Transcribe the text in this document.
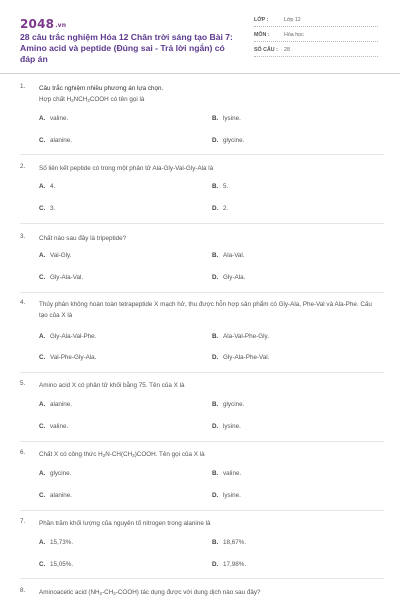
2048.vn
28 câu trắc nghiệm Hóa 12 Chân trời sáng tạo Bài 7: Amino acid và peptide (Đúng sai - Trả lời ngắn) có đáp án
LỚP :	Lớp 12
MÔN :	Hóa học
SỐ CÂU : 28
1. Câu trắc nghiệm nhiều phương án lựa chọn.
Hợp chất $H_2NCH_2COOH$ có tên gọi là
A. valine.	B. lysine.
C. alanine.	D. glycine.
2. Số liên kết peptide có trong một phân tử Ala-Gly-Val-Gly-Ala là
A. 4.	B. 5.
C. 3.	D. 2.
3. Chất nào sau đây là tripeptide?
A. Val-Gly.	B. Ala-Val.
C. Gly-Ala-Val.	D. Gly-Ala.
4. Thủy phân không hoàn toàn tetrapeptide X mạch hở, thu được hỗn hợp sản phẩm có Gly-Ala, Phe-Val và Ala-Phe. Cấu tạo của X là
A. Gly-Ala-Val-Phe.	B. Ala-Val-Phe-Gly.
C. Val-Phe-Gly-Ala.	D. Gly-Ala-Phe-Val.
5. Amino acid X có phân tử khối bằng 75. Tên của X là
A. alanine.	B. glycine.
C. valine.	D. lysine.
6. Chất X có công thức $H_2N-CH(CH_3)COOH$. Tên gọi của X là
A. glycine.	B. valine.
C. alanine.	D. lysine.
7. Phần trăm khối lượng của nguyên tố nitrogen trong alanine là
A. 15,73%.	B. 18,67%.
C. 15,05%.	D. 17,98%.
8. Aminoacetic acid $(NH_2-CH_2-COOH)$ tác dụng được với dung dịch nào sau đây?
